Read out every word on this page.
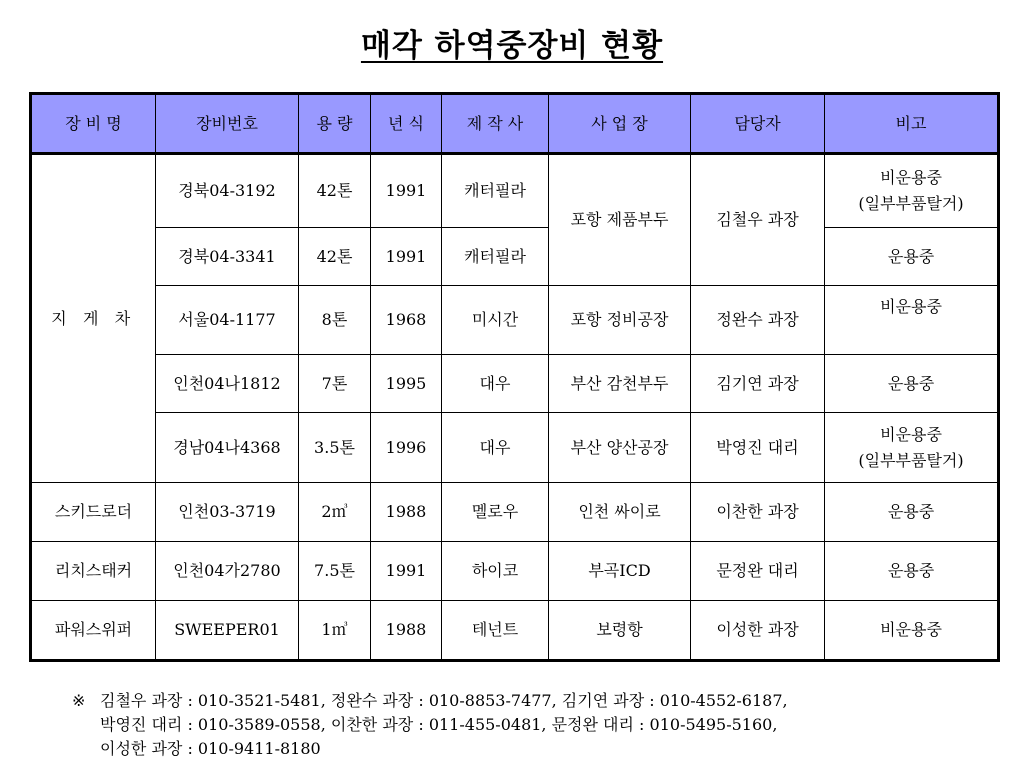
매각 하역중장비 현황
장 비 명	장비번호	용 량	년 식	제 작 사	사 업 장	담당자	비고
지 게 차	경북04-3192	42톤	1991	캐터필라	포항 제품부두	김철우 과장	비운용중
(일부부품탈거)

	경북04-3341	42톤	1991	캐터필라			운용중
	서울04-1177	8톤	1968	미시간	포항 정비공장	정완수 과장	비운용중
	인천04나1812	7톤	1995	대우	부산 감천부두	김기연 과장	운용중
	경남04나4368	3.5톤	1996	대우	부산 양산공장	박영진 대리	비운용중
(일부부품탈거)

스키드로더	인천03-3719	2㎥	1988	멜로우	인천 싸이로	이찬한 과장	운용중
리치스태커	인천04가2780	7.5톤	1991	하이코	부곡ICD	문정완 대리	운용중
파워스위퍼	SWEEPER01	1㎥	1988	테넌트	보령항	이성한 과장	비운용중
※ 김철우 과장 : 010-3521-5481, 정완수 과장 : 010-8853-7477, 김기연 과장 : 010-4552-6187,
박영진 대리 : 010-3589-0558, 이찬한 과장 : 011-455-0481, 문정완 대리 : 010-5495-5160,
이성한 과장 : 010-9411-8180
